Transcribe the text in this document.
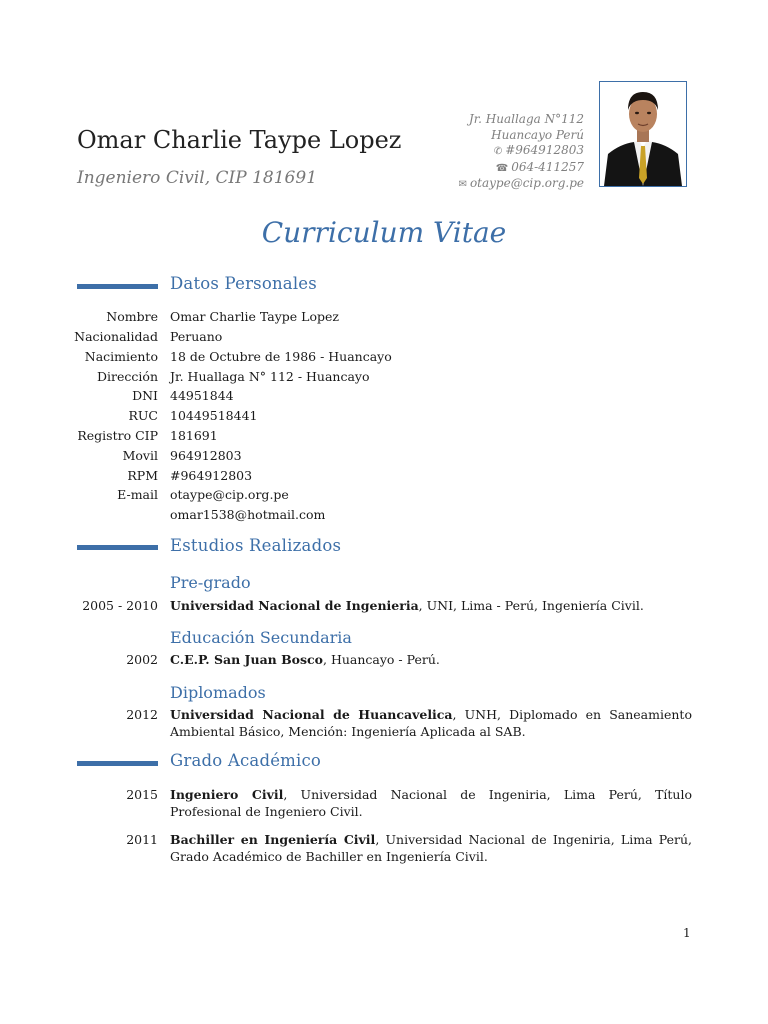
Omar Charlie Taype Lopez
Ingeniero Civil, CIP 181691
Jr. Huallaga N°112
Huancayo Perú
✆ #964912803
☎ 064-411257
✉ otaype@cip.org.pe
Curriculum Vitae
Datos Personales
Nombre Omar Charlie Taype Lopez
Nacionalidad Peruano
Nacimiento 18 de Octubre de 1986 - Huancayo
Dirección Jr. Huallaga N° 112 - Huancayo
DNI 44951844
RUC 10449518441
Registro CIP 181691
Movil 964912803
RPM #964912803
E-mail otaype@cip.org.pe
omar1538@hotmail.com
Estudios Realizados
Pre-grado
2005 - 2010 Universidad Nacional de Ingenieria, UNI, Lima - Perú, Ingeniería Civil.
Educación Secundaria
2002 C.E.P. San Juan Bosco, Huancayo - Perú.
Diplomados
2012 Universidad Nacional de Huancavelica, UNH, Diplomado en Saneamiento Ambiental Básico, Mención: Ingeniería Aplicada al SAB.
Grado Académico
2015 Ingeniero Civil, Universidad Nacional de Ingeniria, Lima Perú, Título Profesional de Ingeniero Civil.
2011 Bachiller en Ingeniería Civil, Universidad Nacional de Ingeniria, Lima Perú, Grado Académico de Bachiller en Ingeniería Civil.
1
